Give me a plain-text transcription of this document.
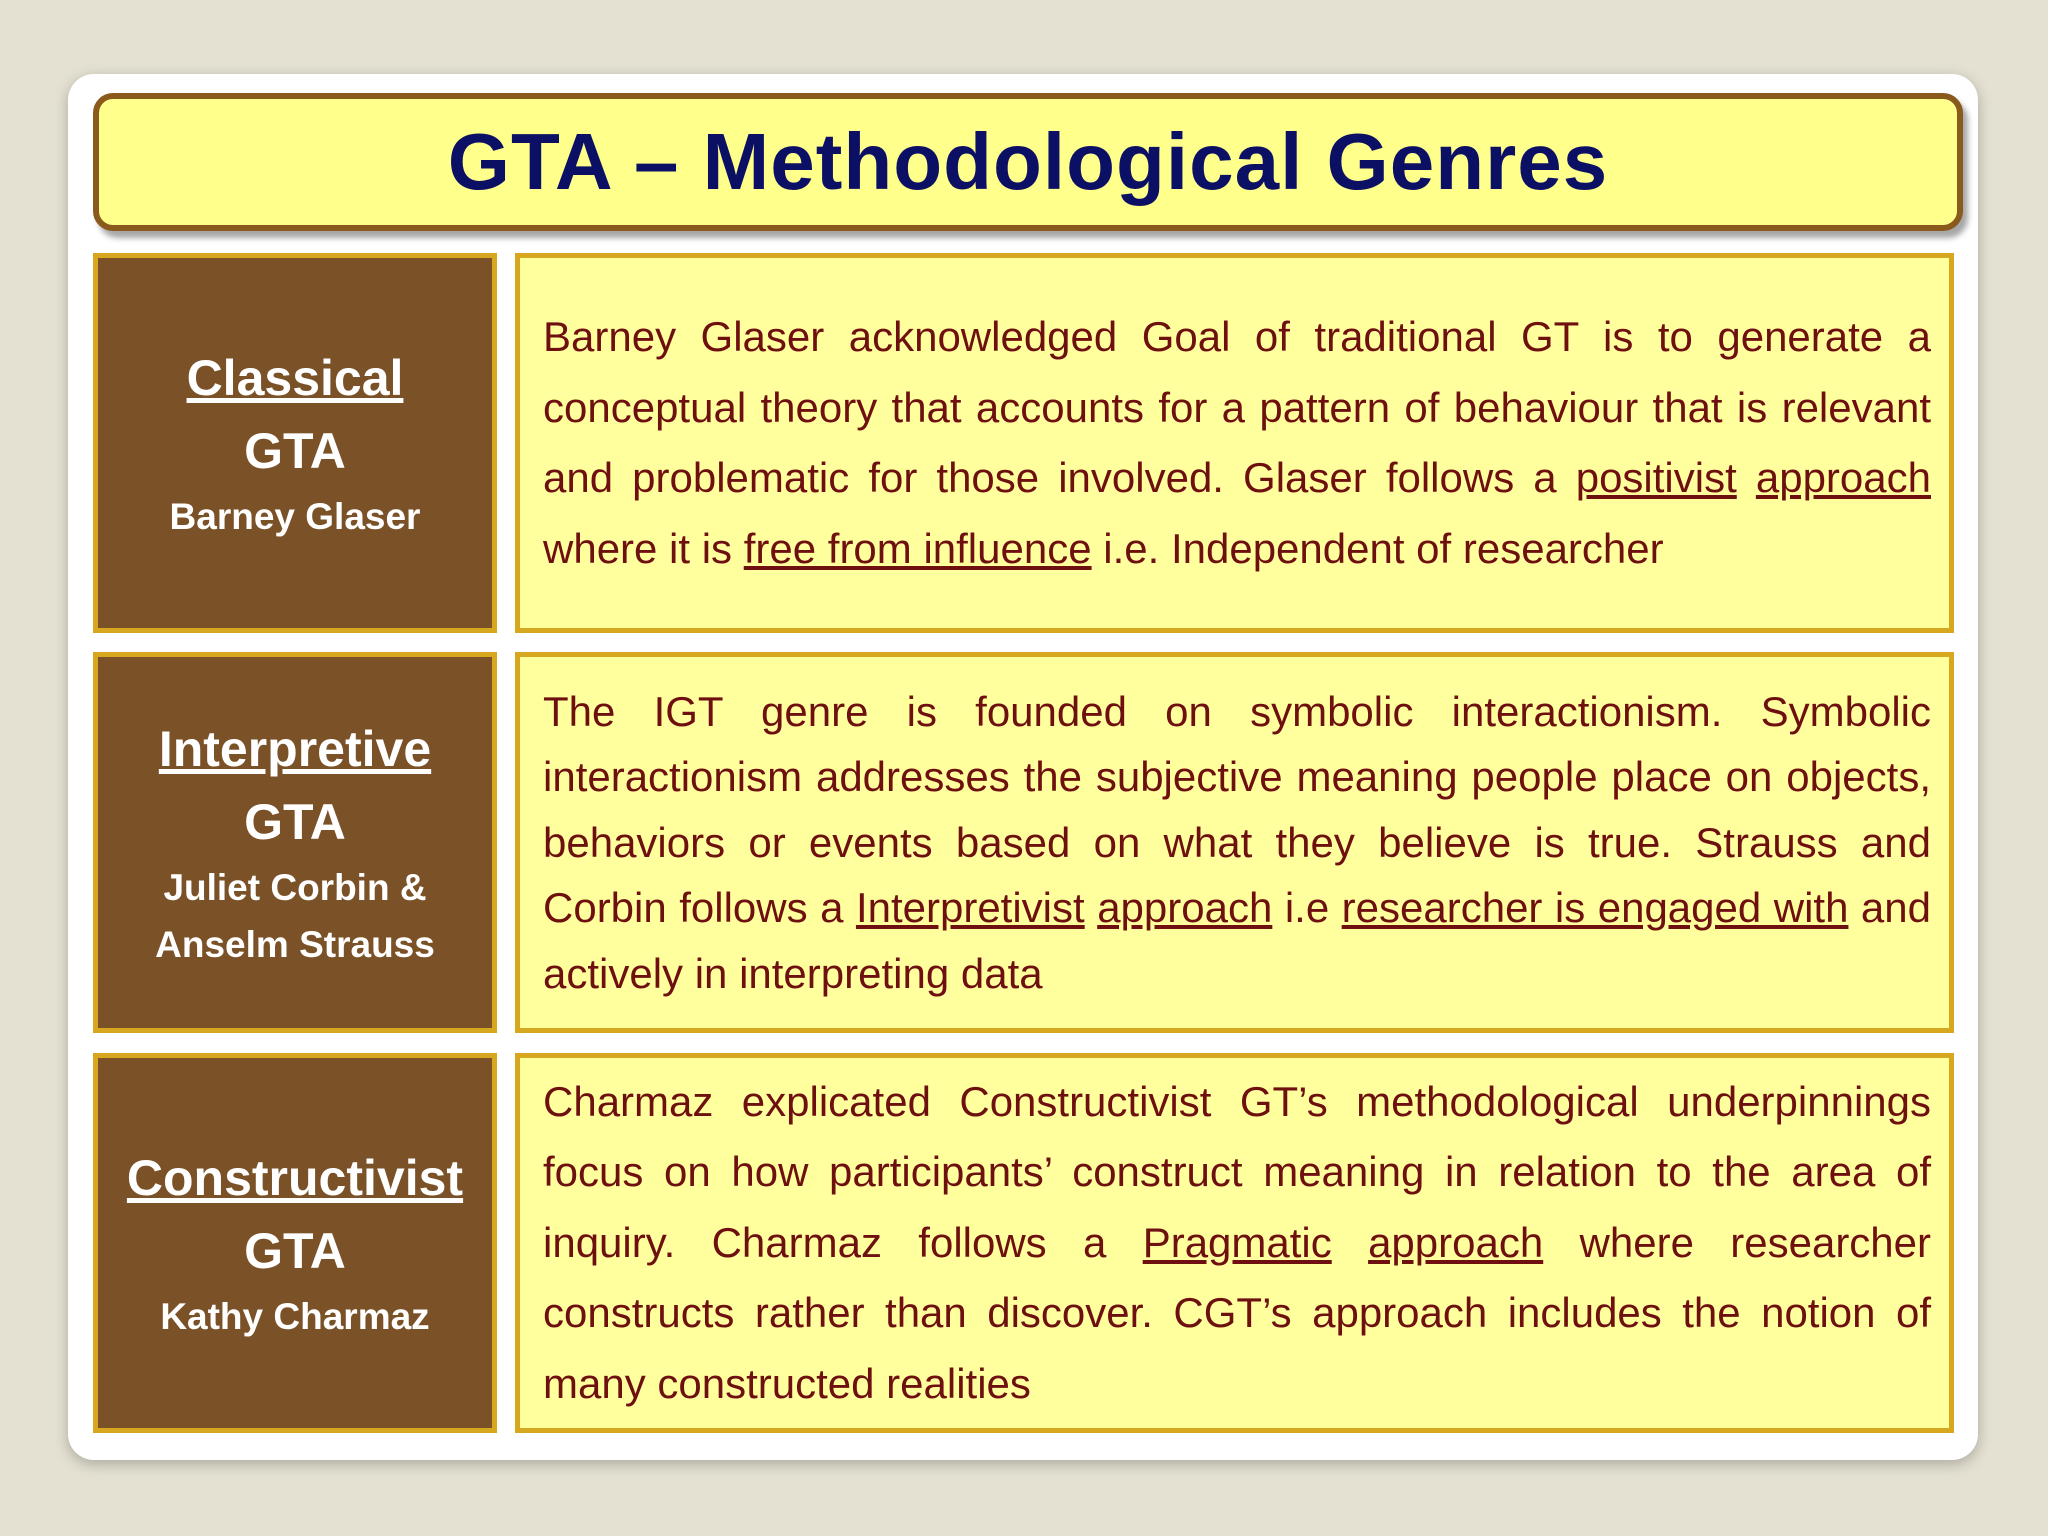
GTA – Methodological Genres
Classical
GTA
Barney Glaser
Barney Glaser acknowledged Goal of traditional GT is to generate a conceptual theory that accounts for a pattern of behaviour that is relevant and problematic for those involved. Glaser follows a positivist approach where it is free from influence i.e. Independent of researcher
Interpretive
GTA
Juliet Corbin &
Anselm Strauss
The IGT genre is founded on symbolic interactionism. Symbolic interactionism addresses the subjective meaning people place on objects, behaviors or events based on what they believe is true. Strauss and Corbin follows a Interpretivist approach i.e researcher is engaged with and actively in interpreting data
Constructivist
GTA
Kathy Charmaz
Charmaz explicated Constructivist GT’s methodological underpinnings focus on how participants’ construct meaning in relation to the area of inquiry. Charmaz follows a Pragmatic approach where researcher constructs rather than discover. CGT’s approach includes the notion of many constructed realities
